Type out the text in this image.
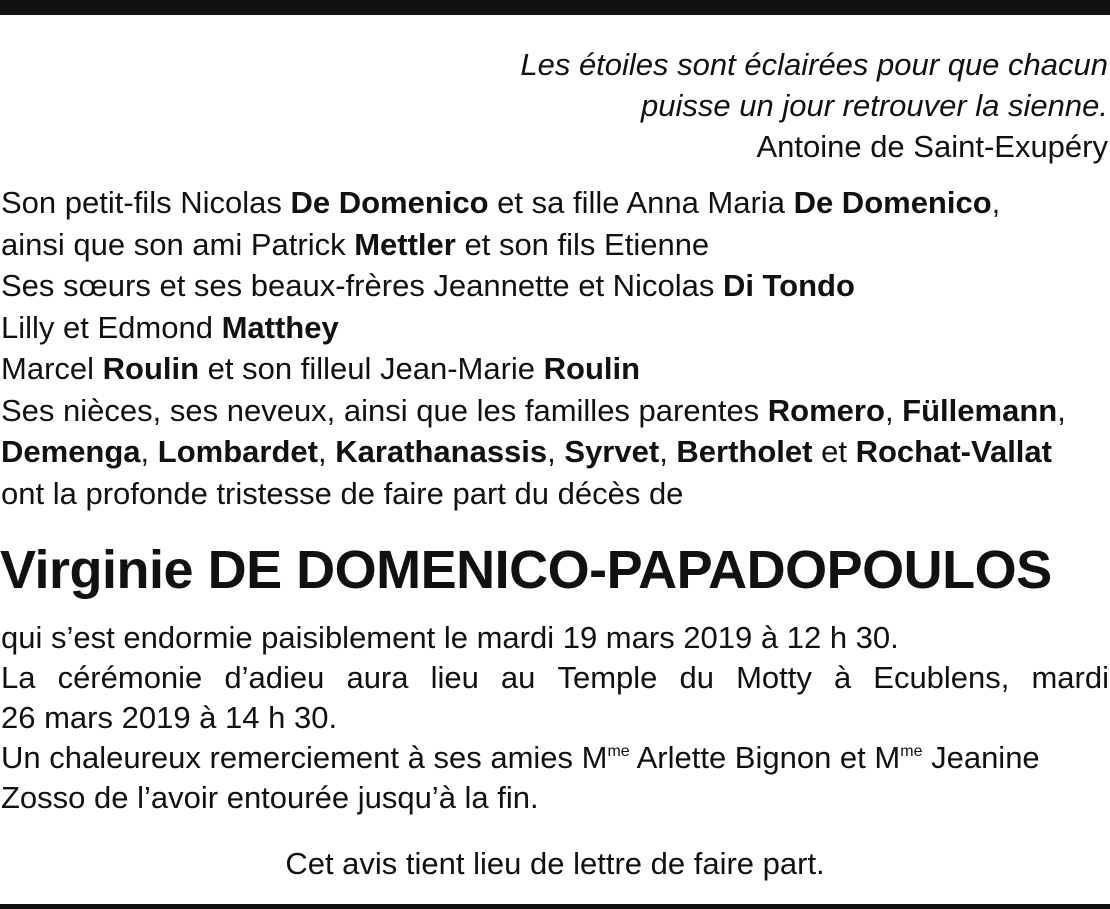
Les étoiles sont éclairées pour que chacun
puisse un jour retrouver la sienne.
Antoine de Saint-Exupéry
Son petit-fils Nicolas De Domenico et sa fille Anna Maria De Domenico,
ainsi que son ami Patrick Mettler et son fils Etienne
Ses sœurs et ses beaux-frères Jeannette et Nicolas Di Tondo
Lilly et Edmond Matthey
Marcel Roulin et son filleul Jean-Marie Roulin
Ses nièces, ses neveux, ainsi que les familles parentes Romero, Füllemann,
Demenga, Lombardet, Karathanassis, Syrvet, Bertholet et Rochat-Vallat
ont la profonde tristesse de faire part du décès de
Virginie DE DOMENICO-PAPADOPOULOS
qui s’est endormie paisiblement le mardi 19 mars 2019 à 12 h 30.
La cérémonie d’adieu aura lieu au Temple du Motty à Ecublens, mardi
26 mars 2019 à 14 h 30.
Un chaleureux remerciement à ses amies $M^{me}$ Arlette Bignon et $M^{me}$ Jeanine
Zosso de l’avoir entourée jusqu’à la fin.
Cet avis tient lieu de lettre de faire part.
